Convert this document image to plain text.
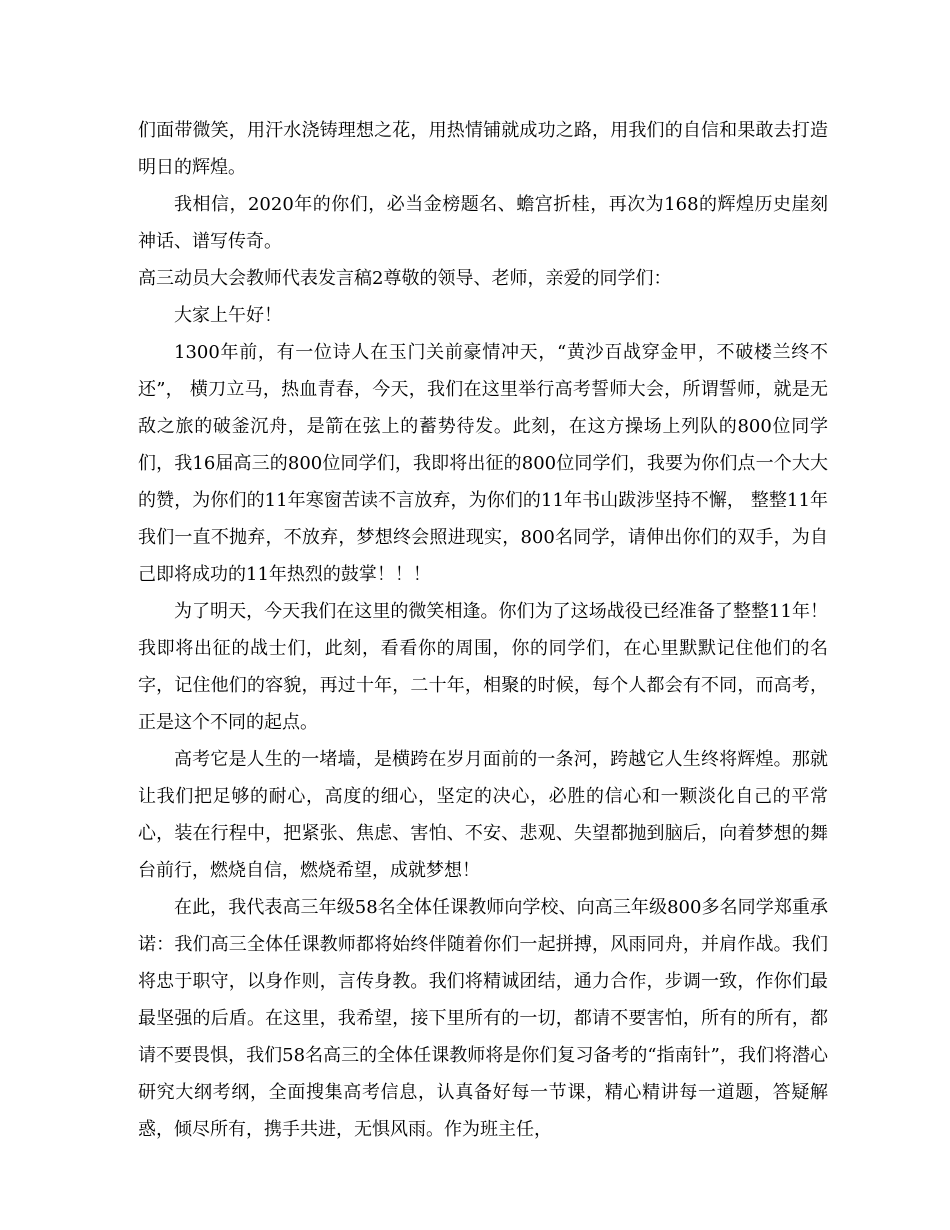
们面带微笑，用汗水浇铸理想之花，用热情铺就成功之路，用我们的自信和果敢去打造明日的辉煌。

我相信，2020年的你们，必当金榜题名、蟾宫折桂，再次为168的辉煌历史崖刻神话、谱写传奇。

高三动员大会教师代表发言稿2尊敬的领导、老师，亲爱的同学们：

大家上午好！

1300年前，有一位诗人在玉门关前豪情冲天，“黄沙百战穿金甲，不破楼兰终不还”， 横刀立马，热血青春，今天，我们在这里举行高考誓师大会，所谓誓师，就是无敌之旅的破釜沉舟，是箭在弦上的蓄势待发。此刻，在这方操场上列队的800位同学们，我16届高三的800位同学们，我即将出征的800位同学们，我要为你们点一个大大的赞，为你们的11年寒窗苦读不言放弃，为你们的11年书山跋涉坚持不懈， 整整11年我们一直不抛弃，不放弃，梦想终会照进现实，800名同学，请伸出你们的双手，为自己即将成功的11年热烈的鼓掌！！！

为了明天，今天我们在这里的微笑相逢。你们为了这场战役已经准备了整整11年！我即将出征的战士们，此刻，看看你的周围，你的同学们，在心里默默记住他们的名字，记住他们的容貌，再过十年，二十年，相聚的时候，每个人都会有不同，而高考，正是这个不同的起点。

高考它是人生的一堵墙，是横跨在岁月面前的一条河，跨越它人生终将辉煌。那就让我们把足够的耐心，高度的细心，坚定的决心，必胜的信心和一颗淡化自己的平常心，装在行程中，把紧张、焦虑、害怕、不安、悲观、失望都抛到脑后，向着梦想的舞台前行，燃烧自信，燃烧希望，成就梦想！

在此，我代表高三年级58名全体任课教师向学校、向高三年级800多名同学郑重承诺：我们高三全体任课教师都将始终伴随着你们一起拼搏，风雨同舟，并肩作战。我们将忠于职守，以身作则，言传身教。我们将精诚团结，通力合作，步调一致，作你们最最坚强的后盾。在这里，我希望，接下里所有的一切，都请不要害怕，所有的所有，都请不要畏惧，我们58名高三的全体任课教师将是你们复习备考的“指南针”，我们将潜心研究大纲考纲，全面搜集高考信息，认真备好每一节课，精心精讲每一道题，答疑解惑，倾尽所有，携手共进，无惧风雨。作为班主任，
